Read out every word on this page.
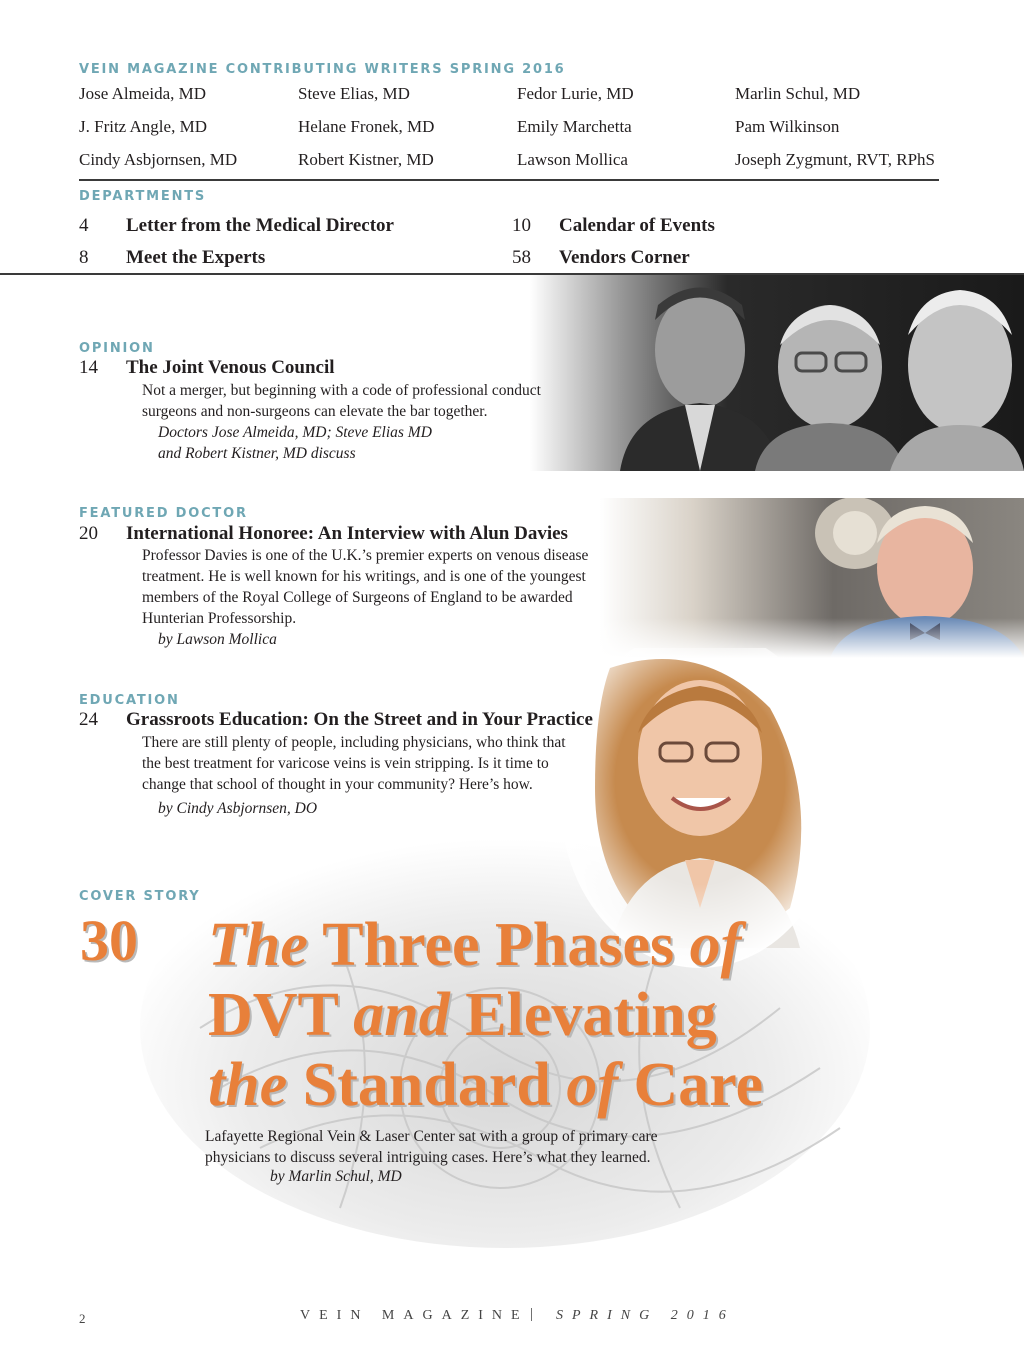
VEIN MAGAZINE CONTRIBUTING WRITERS SPRING 2016
Jose Almeida, MD	Steve Elias, MD	Fedor Lurie, MD	Marlin Schul, MD
J. Fritz Angle, MD	Helane Fronek, MD	Emily Marchetta	Pam Wilkinson
Cindy Asbjornsen, MD	Robert Kistner, MD	Lawson Mollica	Joseph Zygmunt, RVT, RPhS
DEPARTMENTS
4 Letter from the Medical Director	10 Calendar of Events
8 Meet the Experts	58 Vendors Corner
OPINION
14 The Joint Venous Council
Not a merger, but beginning with a code of professional conduct
surgeons and non-surgeons can elevate the bar together.
Doctors Jose Almeida, MD; Steve Elias MD
and Robert Kistner, MD discuss
FEATURED DOCTOR
20 International Honoree: An Interview with Alun Davies
Professor Davies is one of the U.K.’s premier experts on venous disease
treatment. He is well known for his writings, and is one of the youngest
members of the Royal College of Surgeons of England to be awarded
Hunterian Professorship.
by Lawson Mollica
EDUCATION
24 Grassroots Education: On the Street and in Your Practice
There are still plenty of people, including physicians, who think that
the best treatment for varicose veins is vein stripping. Is it time to
change that school of thought in your community? Here’s how.
by Cindy Asbjornsen, DO
COVER STORY
30 The Three Phases of
DVT and Elevating
the Standard of Care
Lafayette Regional Vein & Laser Center sat with a group of primary care
physicians to discuss several intriguing cases. Here’s what they learned.
by Marlin Schul, MD
2	VEIN MAGAZINE | SPRING 2016
